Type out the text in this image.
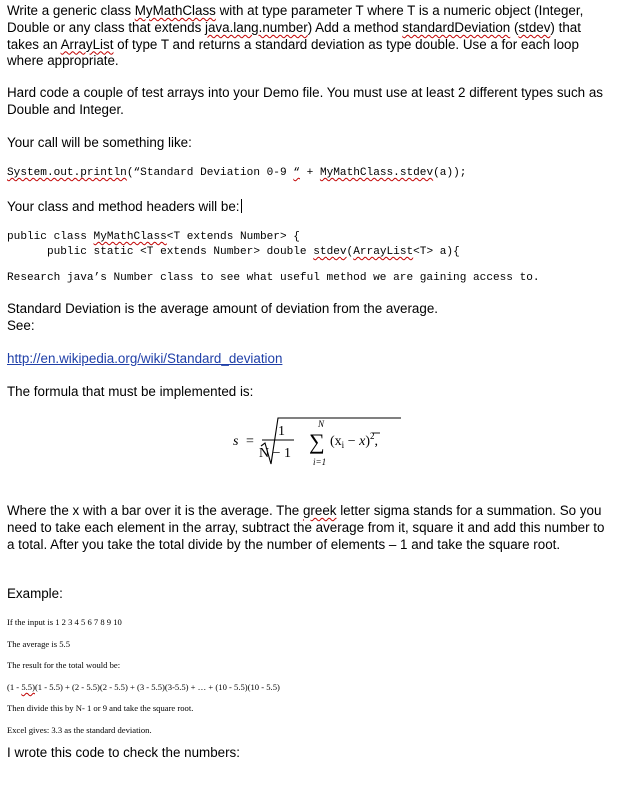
Write a generic class MyMathClass with at type parameter T where T is a numeric object (Integer, Double or any class that extends java.lang.number) Add a method standardDeviation (stdev) that takes an ArrayList of type T and returns a standard deviation as type double. Use a for each loop where appropriate.

Hard code a couple of test arrays into your Demo file. You must use at least 2 different types such as Double and Integer.

Your call will be something like:

System.out.println(“Standard Deviation 0-9 “ + MyMathClass.stdev(a));

Your class and method headers will be:

public class MyMathClass<T extends Number> {

public static <T extends Number> double stdev(ArrayList<T> a){

Research java’s Number class to see what useful method we are gaining access to.

Standard Deviation is the average amount of deviation from the average.

See:

http://en.wikipedia.org/wiki/Standard_deviation

The formula that must be implemented is:

s =
1
N − 1
N
∑
i=1
$(x_i - x)^2$,

Where the x with a bar over it is the average. The greek letter sigma stands for a summation. So you need to take each element in the array, subtract the average from it, square it and add this number to a total. After you take the total divide by the number of elements – 1 and take the square root.

Example:

If the input is 1 2 3 4 5 6 7 8 9 10

The average is 5.5

The result for the total would be:

(1 - 5.5)(1 - 5.5) + (2 - 5.5)(2 - 5.5) + (3 - 5.5)(3-5.5) + … + (10 - 5.5)(10 - 5.5)

Then divide this by N- 1 or 9 and take the square root.

Excel gives: 3.3 as the standard deviation.

I wrote this code to check the numbers:
